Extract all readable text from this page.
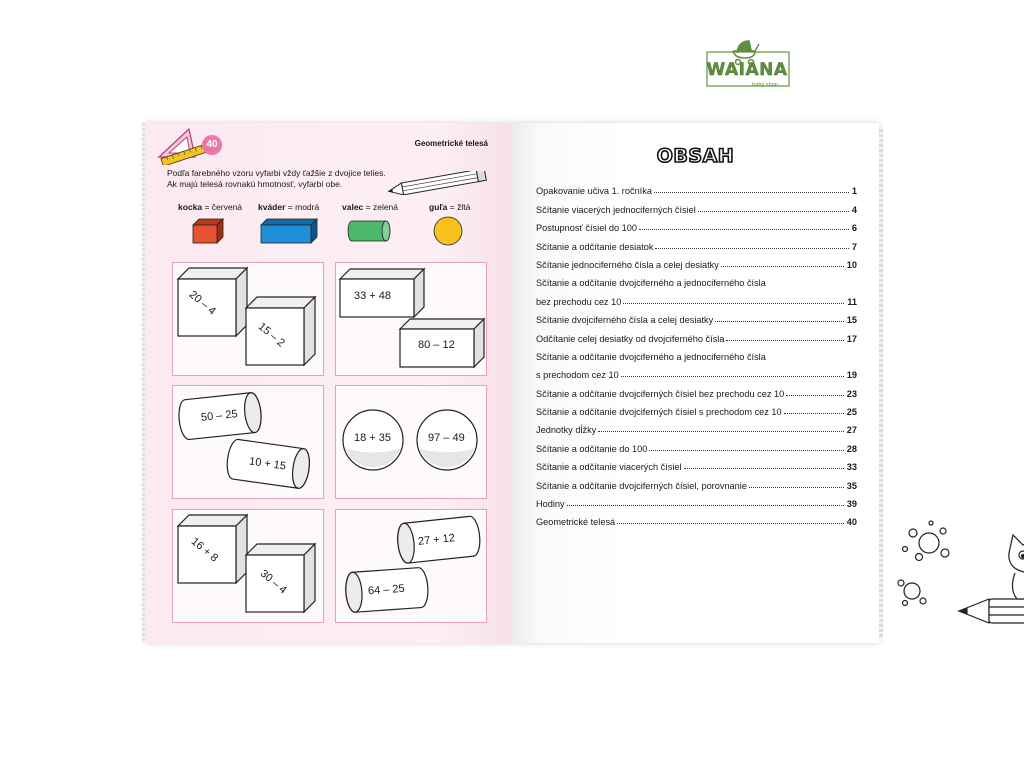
WAIANA
baby shop
40	Geometrické telesá
Podľa farebného vzoru vyfarbi vždy ťažšie z dvojice telies.
Ak majú telesá rovnakú hmotnosť, vyfarbi obe.
kocka = červená kváder = modrá	valec = zelená	guľa = žltá
20 – 4
15 – 2
33 + 48
80 – 12
50 – 25
10 + 15
18 + 35	97 – 49
16 + 8
30 – 4
27 + 12
64 – 25
OBSAH
Opakovanie učiva 1. ročníka	1
Sčítanie viacerých jednociferných čísiel	4
Postupnosť čísiel do 100	6
Sčítanie a odčítanie desiatok	7
Sčítanie jednociferného čísla a celej desiatky	10
Sčítanie a odčítanie dvojciferného a jednociferného čísla
bez prechodu cez 10	11
Sčítanie dvojciferného čísla a celej desiatky	15
Odčítanie celej desiatky od dvojciferného čísla	17
Sčítanie a odčítanie dvojciferného a jednociferného čísla
s prechodom cez 10	19
Sčítanie a odčítanie dvojciferných čísiel bez prechodu cez 10	23
Sčítanie a odčítanie dvojciferných čísiel s prechodom cez 10	25
Jednotky dĺžky	27
Sčítanie a odčítanie do 100	28
Sčítanie a odčítanie viacerých čísiel	33
Sčítanie a odčítanie dvojciferných čísiel, porovnanie	35
Hodiny	39
Geometrické telesá	40
